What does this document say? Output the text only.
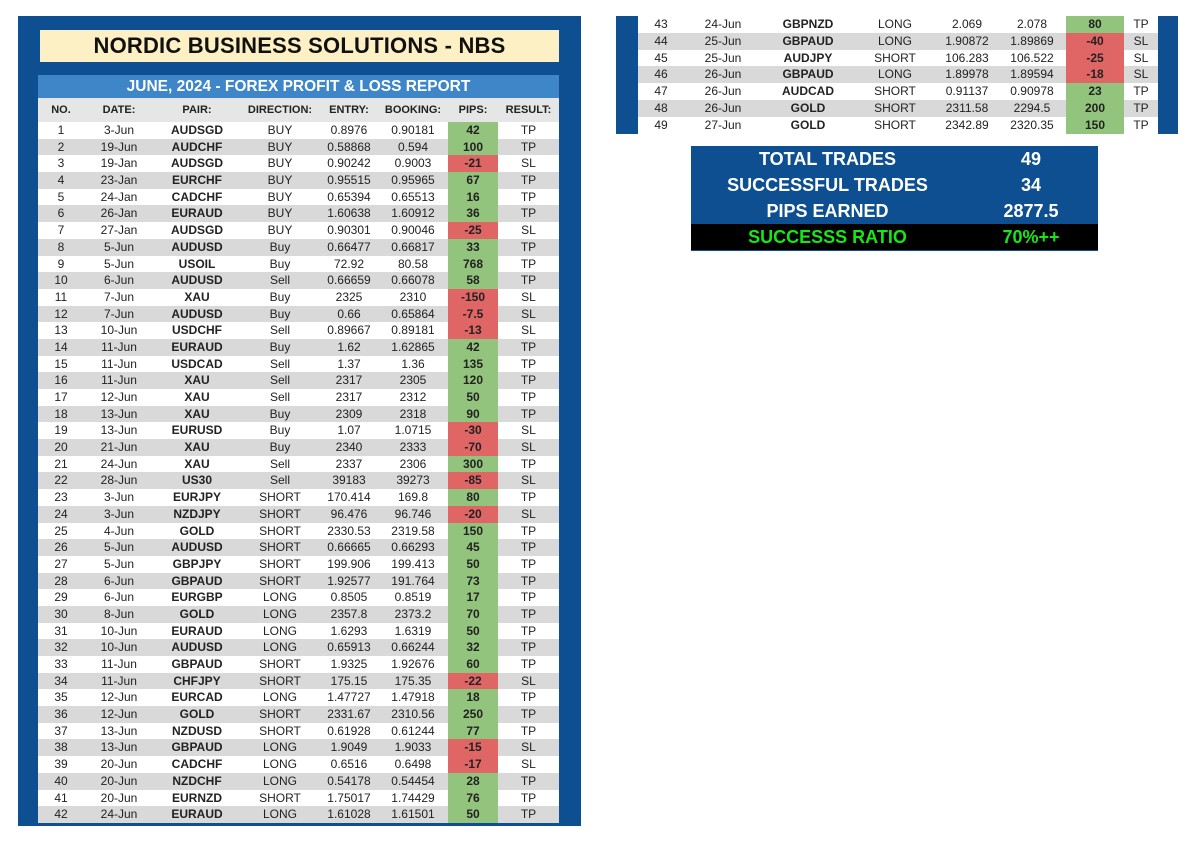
NORDIC BUSINESS SOLUTIONS - NBS
JUNE, 2024 - FOREX PROFIT & LOSS REPORT
NO.	DATE:	PAIR:	DIRECTION:	ENTRY:	BOOKING:	PIPS:	RESULT:
1	3-Jun	AUDSGD	BUY	0.8976	0.90181	42	TP
2	19-Jun	AUDCHF	BUY	0.58868	0.594	100	TP
3	19-Jan	AUDSGD	BUY	0.90242	0.9003	-21	SL
4	23-Jan	EURCHF	BUY	0.95515	0.95965	67	TP
5	24-Jan	CADCHF	BUY	0.65394	0.65513	16	TP
6	26-Jan	EURAUD	BUY	1.60638	1.60912	36	TP
7	27-Jan	AUDSGD	BUY	0.90301	0.90046	-25	SL
8	5-Jun	AUDUSD	Buy	0.66477	0.66817	33	TP
9	5-Jun	USOIL	Buy	72.92	80.58	768	TP
10	6-Jun	AUDUSD	Sell	0.66659	0.66078	58	TP
11	7-Jun	XAU	Buy	2325	2310	-150	SL
12	7-Jun	AUDUSD	Buy	0.66	0.65864	-7.5	SL
13	10-Jun	USDCHF	Sell	0.89667	0.89181	-13	SL
14	11-Jun	EURAUD	Buy	1.62	1.62865	42	TP
15	11-Jun	USDCAD	Sell	1.37	1.36	135	TP
16	11-Jun	XAU	Sell	2317	2305	120	TP
17	12-Jun	XAU	Sell	2317	2312	50	TP
18	13-Jun	XAU	Buy	2309	2318	90	TP
19	13-Jun	EURUSD	Buy	1.07	1.0715	-30	SL
20	21-Jun	XAU	Buy	2340	2333	-70	SL
21	24-Jun	XAU	Sell	2337	2306	300	TP
22	28-Jun	US30	Sell	39183	39273	-85	SL
23	3-Jun	EURJPY	SHORT	170.414	169.8	80	TP
24	3-Jun	NZDJPY	SHORT	96.476	96.746	-20	SL
25	4-Jun	GOLD	SHORT	2330.53	2319.58	150	TP
26	5-Jun	AUDUSD	SHORT	0.66665	0.66293	45	TP
27	5-Jun	GBPJPY	SHORT	199.906	199.413	50	TP
28	6-Jun	GBPAUD	SHORT	1.92577	191.764	73	TP
29	6-Jun	EURGBP	LONG	0.8505	0.8519	17	TP
30	8-Jun	GOLD	LONG	2357.8	2373.2	70	TP
31	10-Jun	EURAUD	LONG	1.6293	1.6319	50	TP
32	10-Jun	AUDUSD	LONG	0.65913	0.66244	32	TP
33	11-Jun	GBPAUD	SHORT	1.9325	1.92676	60	TP
34	11-Jun	CHFJPY	SHORT	175.15	175.35	-22	SL
35	12-Jun	EURCAD	LONG	1.47727	1.47918	18	TP
36	12-Jun	GOLD	SHORT	2331.67	2310.56	250	TP
37	13-Jun	NZDUSD	SHORT	0.61928	0.61244	77	TP
38	13-Jun	GBPAUD	LONG	1.9049	1.9033	-15	SL
39	20-Jun	CADCHF	LONG	0.6516	0.6498	-17	SL
40	20-Jun	NZDCHF	LONG	0.54178	0.54454	28	TP
41	20-Jun	EURNZD	SHORT	1.75017	1.74429	76	TP
42	24-Jun	EURAUD	LONG	1.61028	1.61501	50	TP
43	24-Jun	GBPNZD	LONG	2.069	2.078	80	TP
44	25-Jun	GBPAUD	LONG	1.90872	1.89869	-40	SL
45	25-Jun	AUDJPY	SHORT	106.283	106.522	-25	SL
46	26-Jun	GBPAUD	LONG	1.89978	1.89594	-18	SL
47	26-Jun	AUDCAD	SHORT	0.91137	0.90978	23	TP
48	26-Jun	GOLD	SHORT	2311.58	2294.5	200	TP
49	27-Jun	GOLD	SHORT	2342.89	2320.35	150	TP
TOTAL TRADES	49
SUCCESSFUL TRADES	34
PIPS EARNED	2877.5
SUCCESSS RATIO	70%++
